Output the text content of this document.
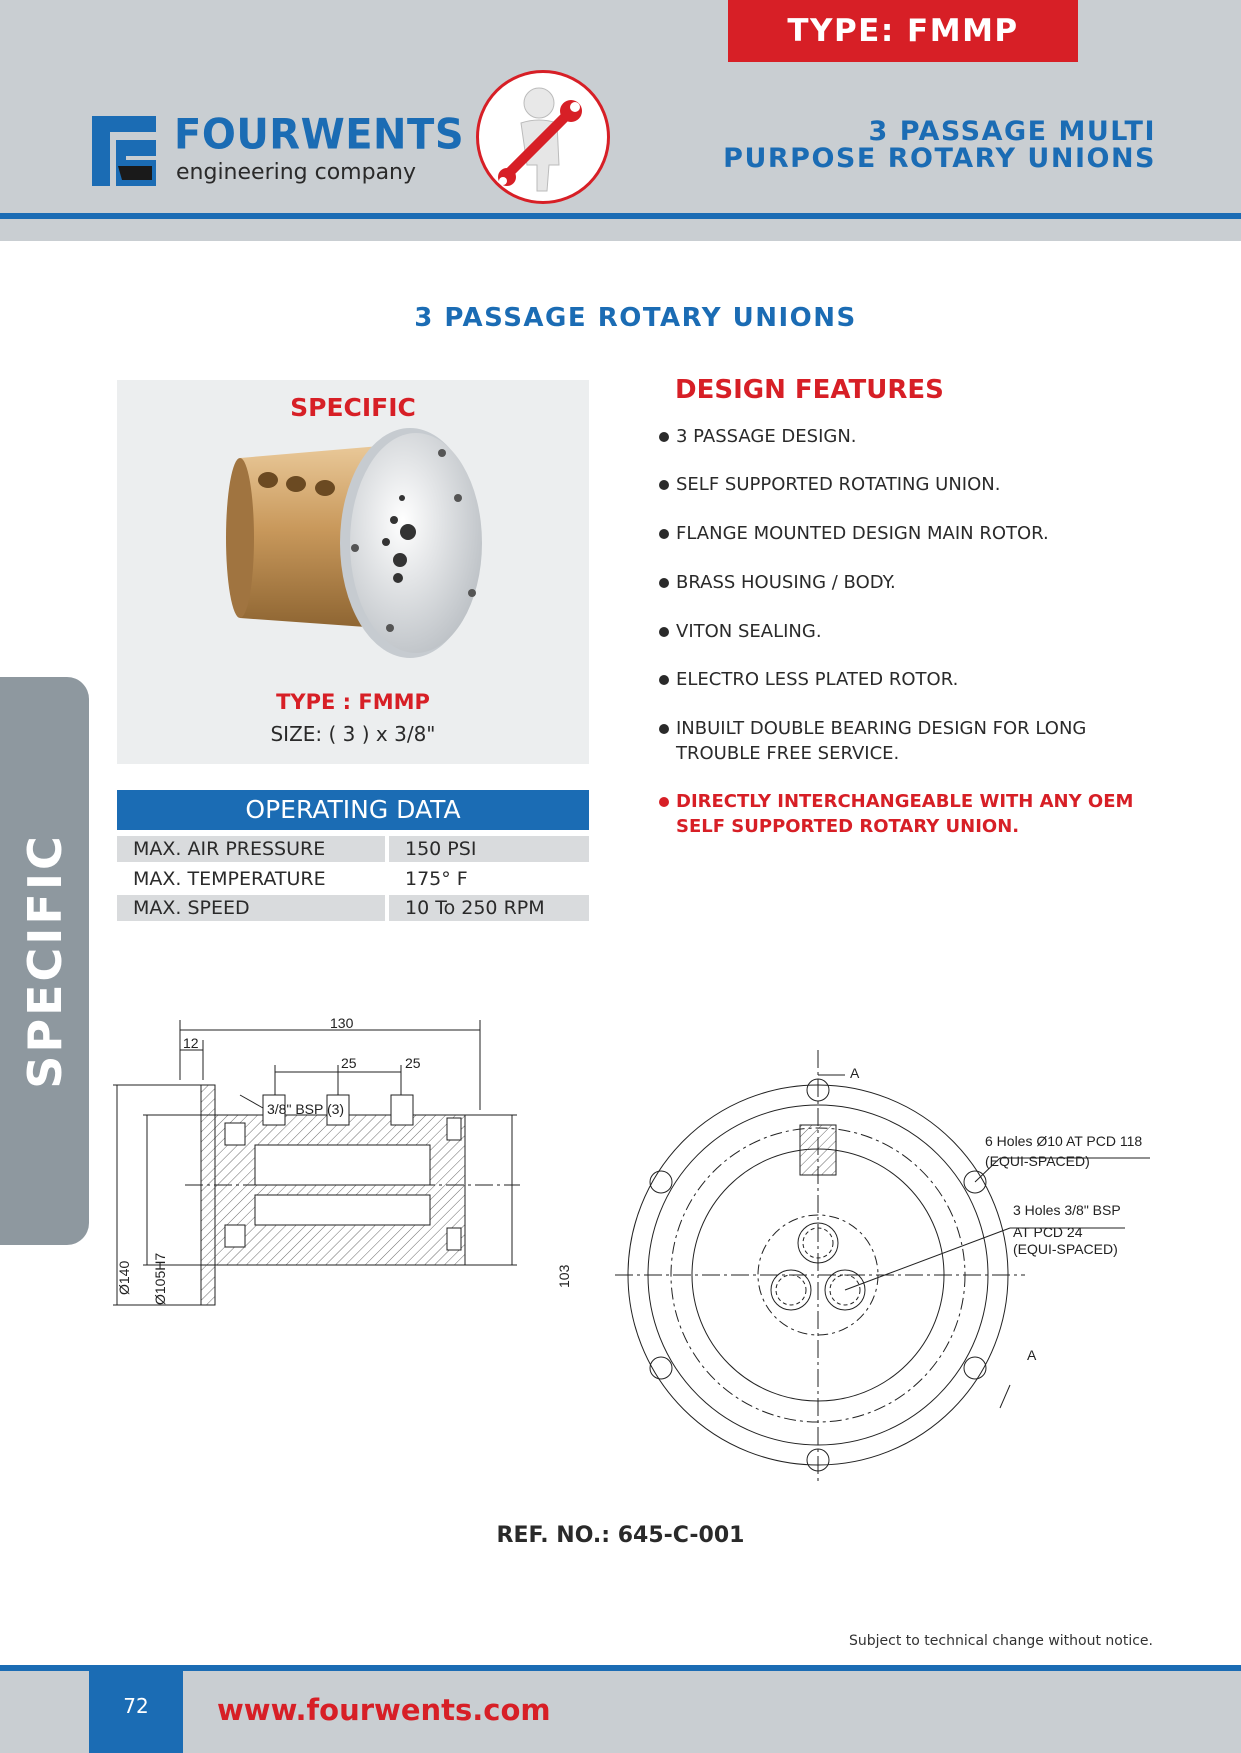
TYPE: FMMP
FOURWENTS
engineering company
3 PASSAGE MULTI
PURPOSE ROTARY UNIONS
3 PASSAGE ROTARY UNIONS
SPECIFIC
TYPE : FMMP
SIZE: ( 3 ) x 3/8"
OPERATING DATA
MAX. AIR PRESSURE	150 PSI
MAX. TEMPERATURE	175° F
MAX. SPEED	10 To 250 RPM
DESIGN FEATURES
3 PASSAGE DESIGN.
SELF SUPPORTED ROTATING UNION.
FLANGE MOUNTED DESIGN MAIN ROTOR.
BRASS HOUSING / BODY.
VITON SEALING.
ELECTRO LESS PLATED ROTOR.
INBUILT DOUBLE BEARING DESIGN FOR LONG TROUBLE FREE SERVICE.
DIRECTLY INTERCHANGEABLE WITH ANY OEM SELF SUPPORTED ROTARY UNION.
SPECIFIC	130
12
25	25
3/8" BSP (3)
Ø140 Ø105H7	103
A
A
6 Holes Ø10 AT PCD 118
(EQUI-SPACED)
3 Holes 3/8" BSP
AT PCD 24
(EQUI-SPACED)
REF. NO.: 645-C-001
Subject to technical change without notice.
72	www.fourwents.com
